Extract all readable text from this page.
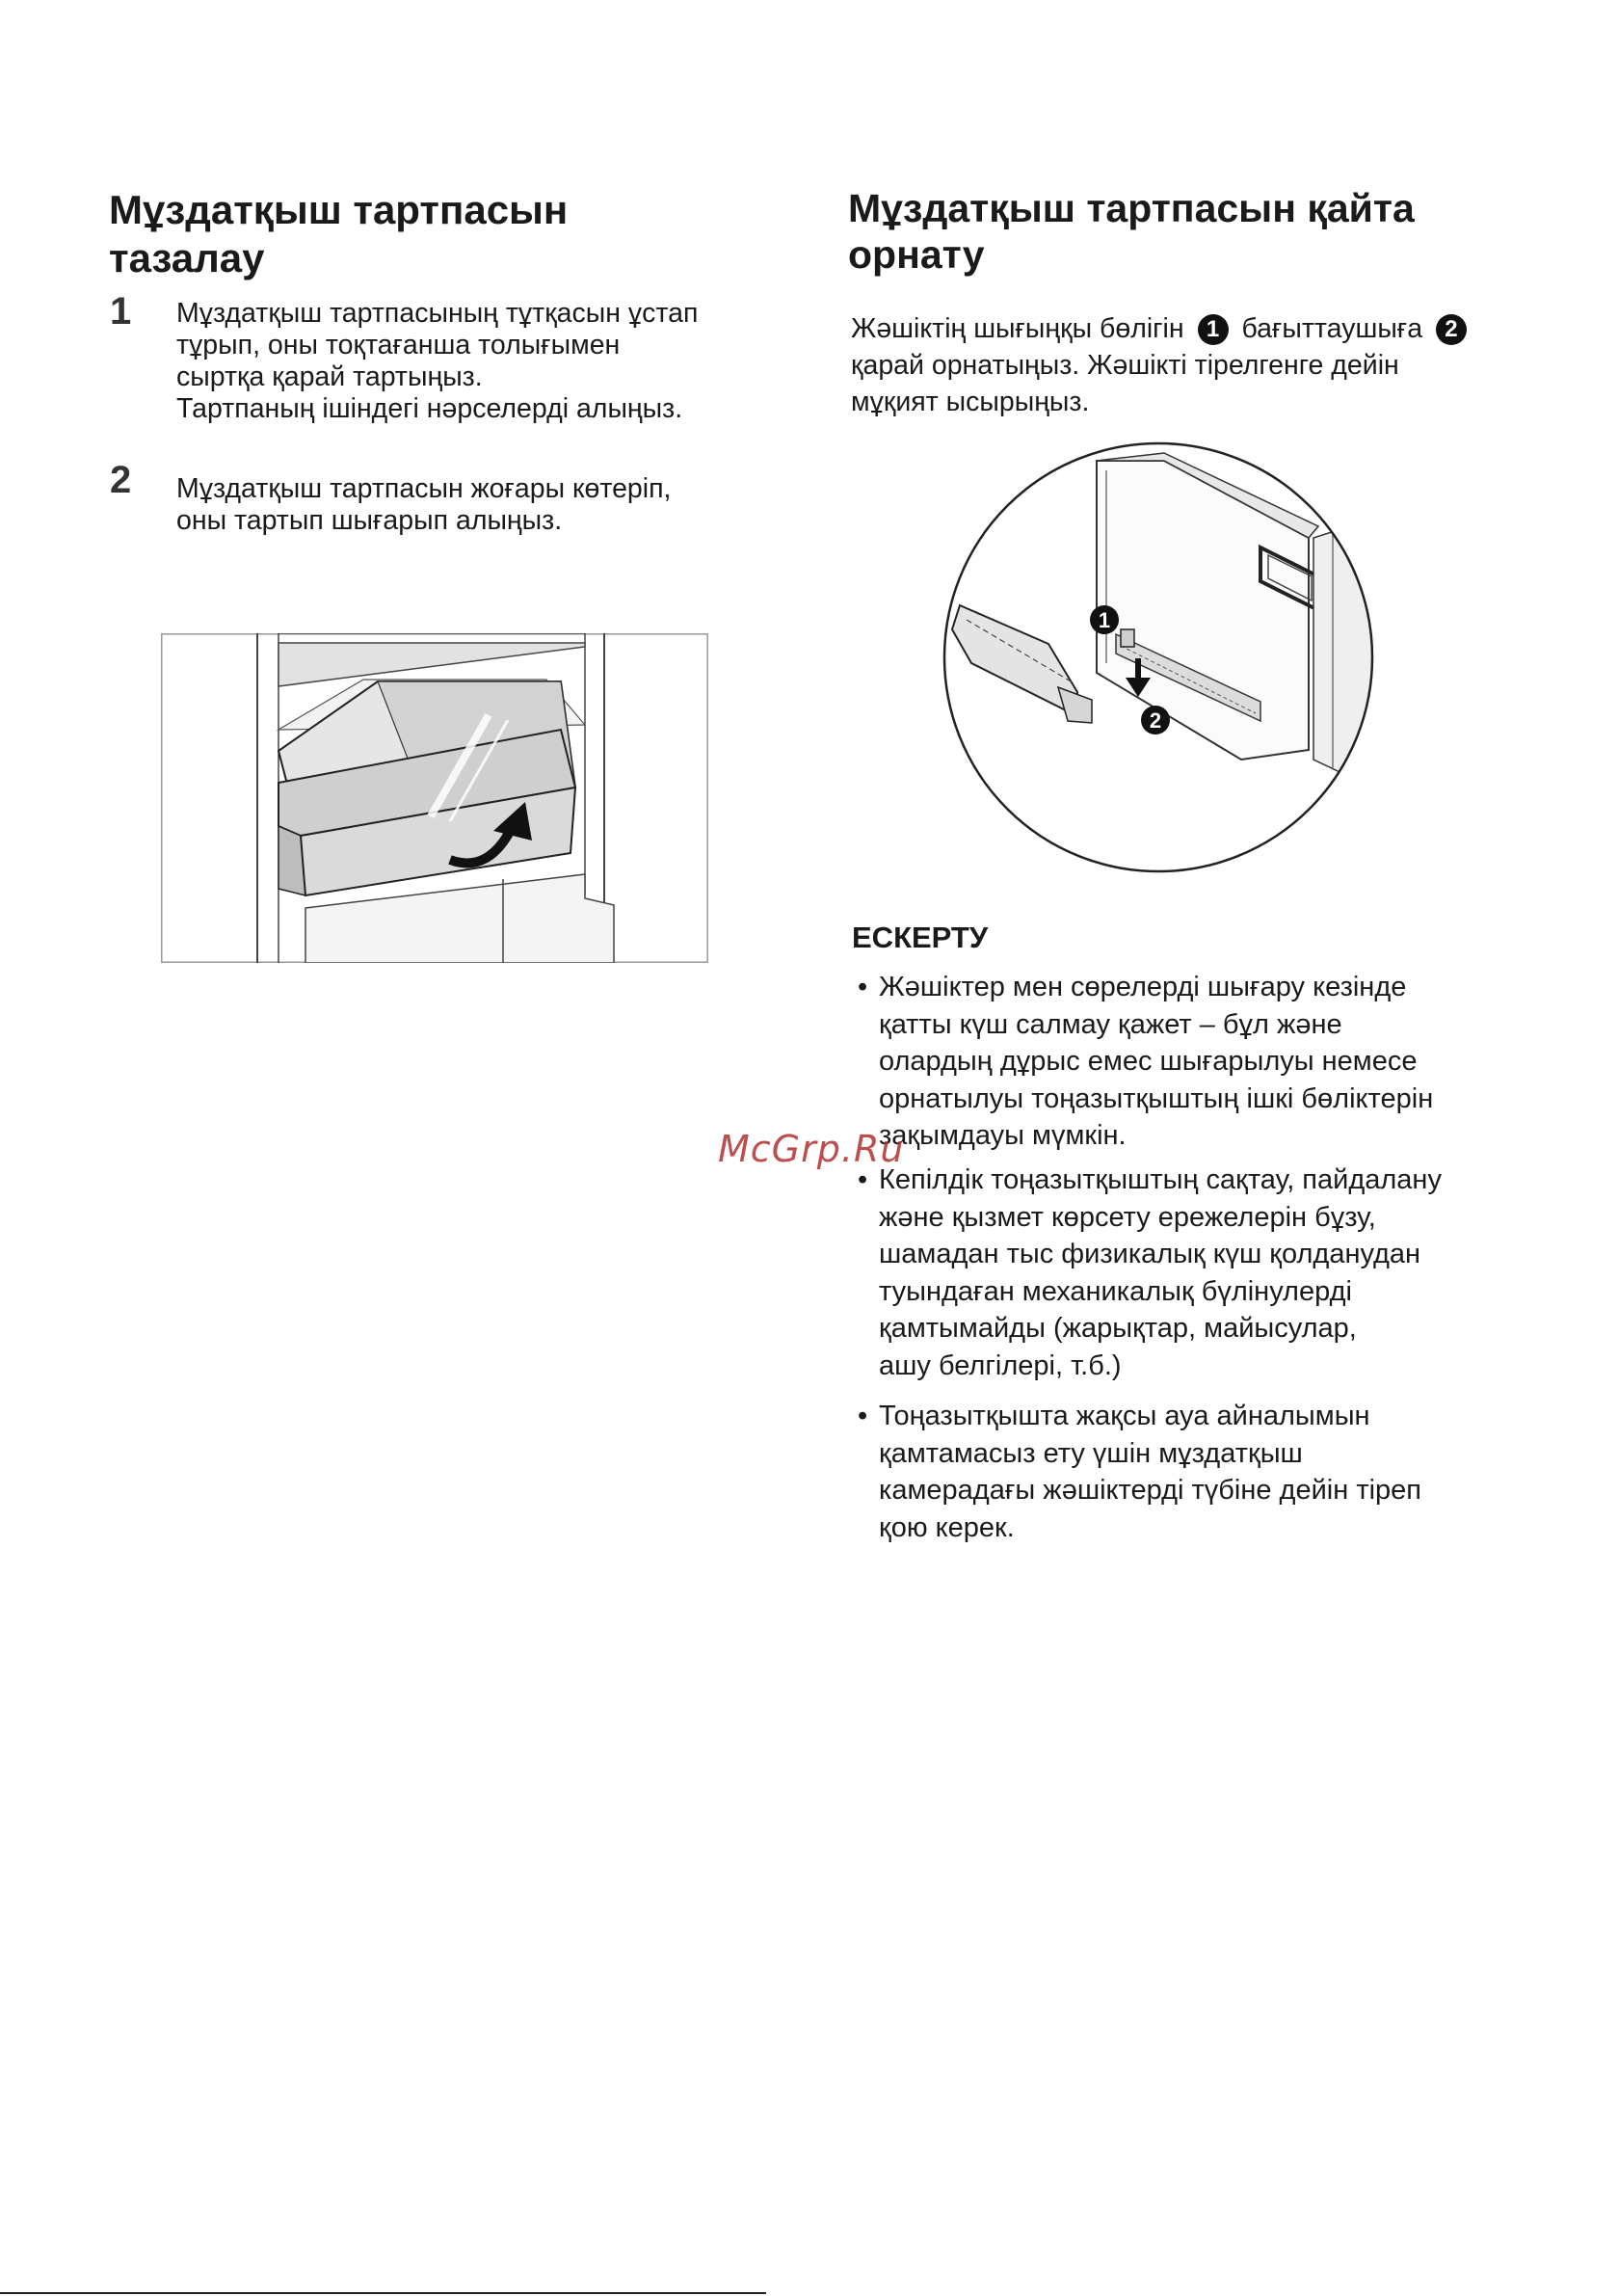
Мұздатқыш тартпасын
тазалау
1 Мұздатқыш тартпасының тұтқасын ұстап
тұрып, оны тоқтағанша толығымен
сыртқа қарай тартыңыз.
Тартпаның ішіндегі нәрселерді алыңыз.
2 Мұздатқыш тартпасын жоғары көтеріп,
оны тартып шығарып алыңыз.
Мұздатқыш тартпасын қайта
орнату
Жәшіктің шығыңқы бөлігін 1 бағыттаушыға 2
қарай орнатыңыз. Жәшікті тірелгенге дейін
мұқият ысырыңыз.
1
2
ЕСКЕРТУ
• Жәшіктер мен сөрелерді шығару кезінде
қатты күш салмау қажет – бұл және
олардың дұрыс емес шығарылуы немесе
орнатылуы тоңазытқыштың ішкі бөліктерін
зақымдауы мүмкін.
• Кепілдік тоңазытқыштың сақтау, пайдалану
және қызмет көрсету ережелерін бұзу,
шамадан тыс физикалық күш қолданудан
туындаған механикалық бүлінулерді
қамтымайды (жарықтар, майысулар,
ашу белгілері, т.б.)
• Тоңазытқышта жақсы ауа айналымын
қамтамасыз ету үшін мұздатқыш
камерадағы жәшіктерді түбіне дейін тіреп
қою керек.
McGrp.Ru
